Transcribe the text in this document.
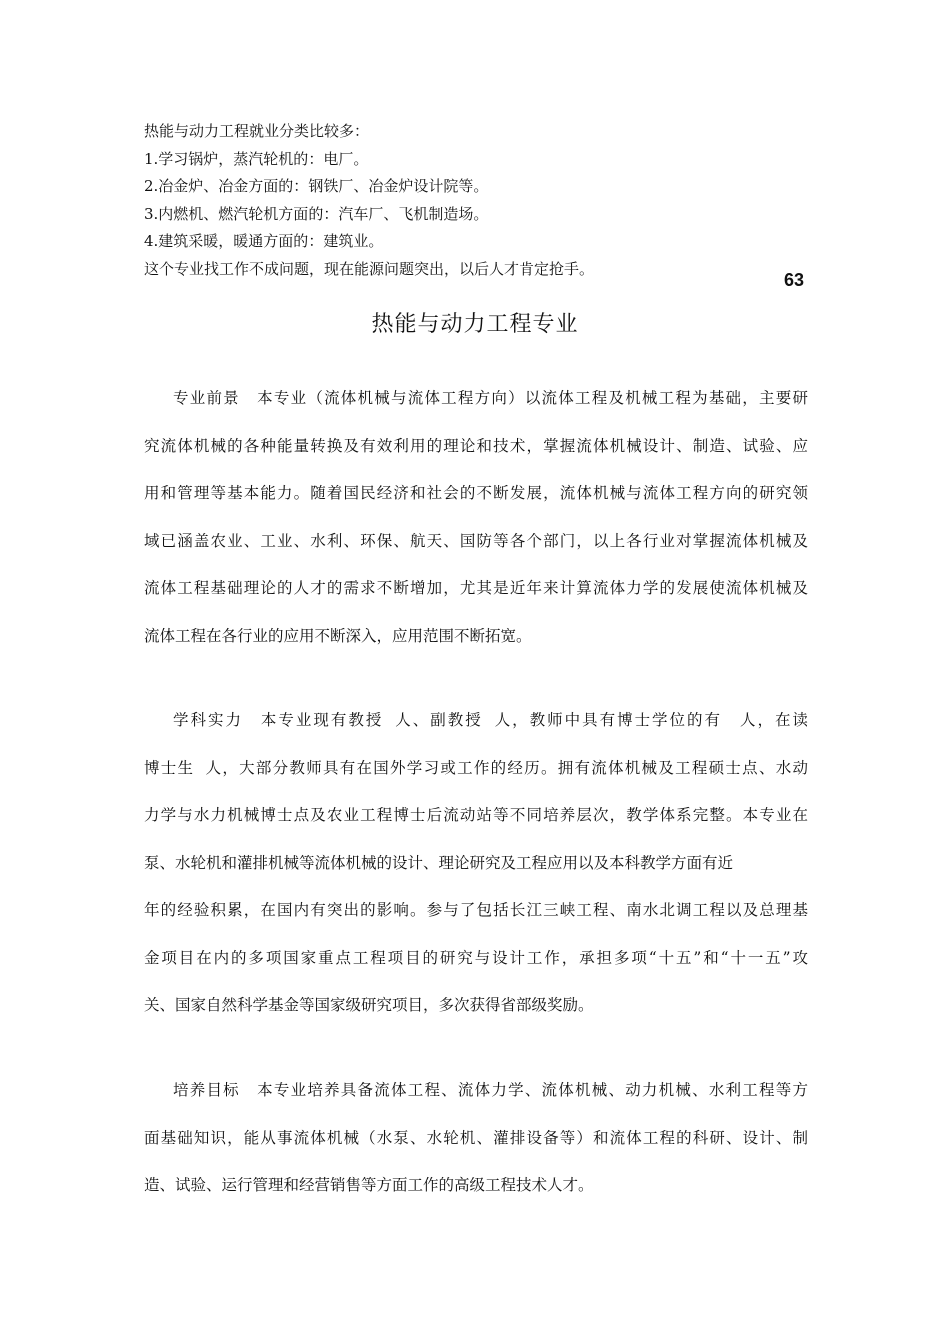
热能与动力工程就业分类比较多：
1.学习锅炉，蒸汽轮机的：电厂。
2.冶金炉、冶金方面的：钢铁厂、冶金炉设计院等。
3.内燃机、燃汽轮机方面的：汽车厂、飞机制造场。
4.建筑采暖，暖通方面的：建筑业。
这个专业找工作不成问题，现在能源问题突出，以后人才肯定抢手。
63
热能与动力工程专业
专业前景 本专业（流体机械与流体工程方向）以流体工程及机械工程为基础，主要研
究流体机械的各种能量转换及有效利用的理论和技术，掌握流体机械设计、制造、试验、应
用和管理等基本能力。随着国民经济和社会的不断发展，流体机械与流体工程方向的研究领
域已涵盖农业、工业、水利、环保、航天、国防等各个部门，以上各行业对掌握流体机械及
流体工程基础理论的人才的需求不断增加，尤其是近年来计算流体力学的发展使流体机械及
流体工程在各行业的应用不断深入，应用范围不断拓宽。
学科实力 本专业现有教授 人、副教授 人，教师中具有博士学位的有 人，在读
博士生 人，大部分教师具有在国外学习或工作的经历。拥有流体机械及工程硕士点、水动
力学与水力机械博士点及农业工程博士后流动站等不同培养层次，教学体系完整。本专业在
泵、水轮机和灌排机械等流体机械的设计、理论研究及工程应用以及本科教学方面有近
年的经验积累，在国内有突出的影响。参与了包括长江三峡工程、南水北调工程以及总理基
金项目在内的多项国家重点工程项目的研究与设计工作，承担多项“十五”和“十一五”攻
关、国家自然科学基金等国家级研究项目，多次获得省部级奖励。
培养目标 本专业培养具备流体工程、流体力学、流体机械、动力机械、水利工程等方
面基础知识，能从事流体机械（水泵、水轮机、灌排设备等）和流体工程的科研、设计、制
造、试验、运行管理和经营销售等方面工作的高级工程技术人才。
